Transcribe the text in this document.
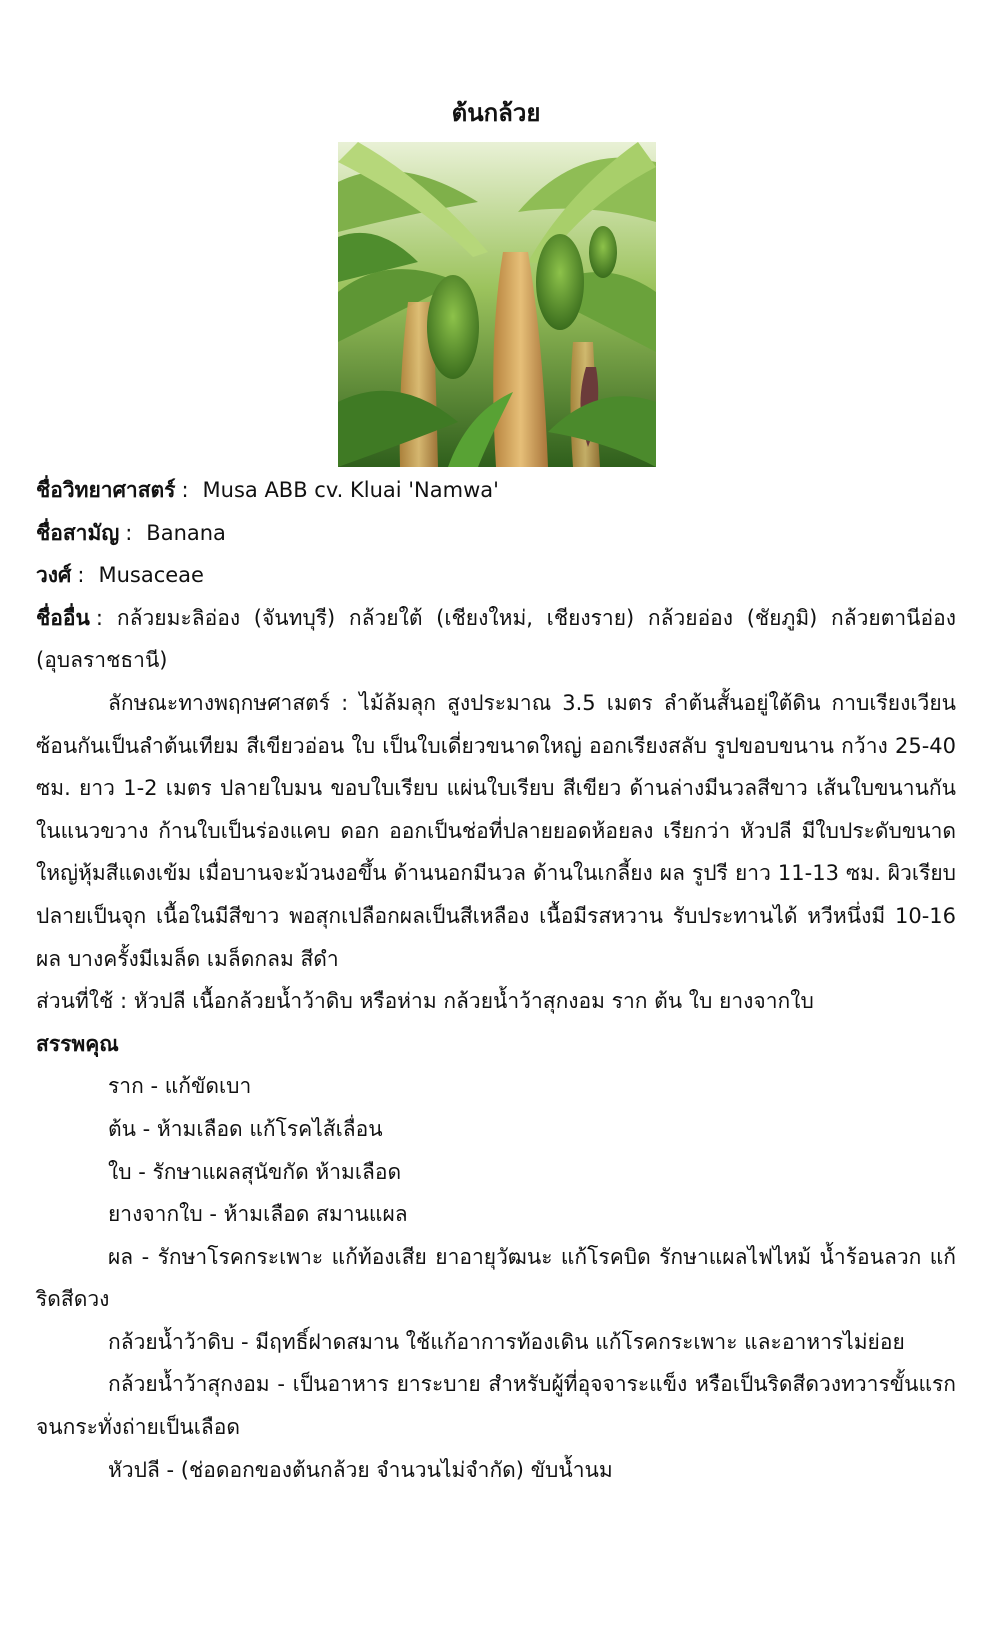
ต้นกล้วย

ชื่อวิทยาศาสตร์ : Musa ABB cv. Kluai 'Namwa'

ชื่อสามัญ : Banana

วงศ์ : Musaceae

ชื่ออื่น : กล้วยมะลิอ่อง (จันทบุรี) กล้วยใต้ (เชียงใหม่, เชียงราย) กล้วยอ่อง (ชัยภูมิ) กล้วยตานีอ่อง (อุบลราชธานี)

ลักษณะทางพฤกษศาสตร์ : ไม้ล้มลุก สูงประมาณ 3.5 เมตร ลำต้นสั้นอยู่ใต้ดิน กาบเรียงเวียนซ้อนกันเป็นลำต้นเทียม สีเขียวอ่อน ใบ เป็นใบเดี่ยวขนาดใหญ่ ออกเรียงสลับ รูปขอบขนาน กว้าง 25-40 ซม. ยาว 1-2 เมตร ปลายใบมน ขอบใบเรียบ แผ่นใบเรียบ สีเขียว ด้านล่างมีนวลสีขาว เส้นใบขนานกันในแนวขวาง ก้านใบเป็นร่องแคบ ดอก ออกเป็นช่อที่ปลายยอดห้อยลง เรียกว่า หัวปลี มีใบประดับขนาดใหญ่หุ้มสีแดงเข้ม เมื่อบานจะม้วนงอขึ้น ด้านนอกมีนวล ด้านในเกลี้ยง ผล รูปรี ยาว 11-13 ซม. ผิวเรียบ ปลายเป็นจุก เนื้อในมีสีขาว พอสุกเปลือกผลเป็นสีเหลือง เนื้อมีรสหวาน รับประทานได้ หวีหนึ่งมี 10-16 ผล บางครั้งมีเมล็ด เมล็ดกลม สีดำ

ส่วนที่ใช้ : หัวปลี เนื้อกล้วยน้ำว้าดิบ หรือห่าม กล้วยน้ำว้าสุกงอม ราก ต้น ใบ ยางจากใบ

สรรพคุณ

ราก - แก้ขัดเบา

ต้น - ห้ามเลือด แก้โรคไส้เลื่อน

ใบ - รักษาแผลสุนัขกัด ห้ามเลือด

ยางจากใบ - ห้ามเลือด สมานแผล

ผล - รักษาโรคกระเพาะ แก้ท้องเสีย ยาอายุวัฒนะ แก้โรคบิด รักษาแผลไฟไหม้ น้ำร้อนลวก แก้ริดสีดวง

กล้วยน้ำว้าดิบ - มีฤทธิ์ฝาดสมาน ใช้แก้อาการท้องเดิน แก้โรคกระเพาะ และอาหารไม่ย่อย

กล้วยน้ำว้าสุกงอม - เป็นอาหาร ยาระบาย สำหรับผู้ที่อุจจาระแข็ง หรือเป็นริดสีดวงทวารขั้นแรก จนกระทั่งถ่ายเป็นเลือด

หัวปลี - (ช่อดอกของต้นกล้วย จำนวนไม่จำกัด) ขับน้ำนม
